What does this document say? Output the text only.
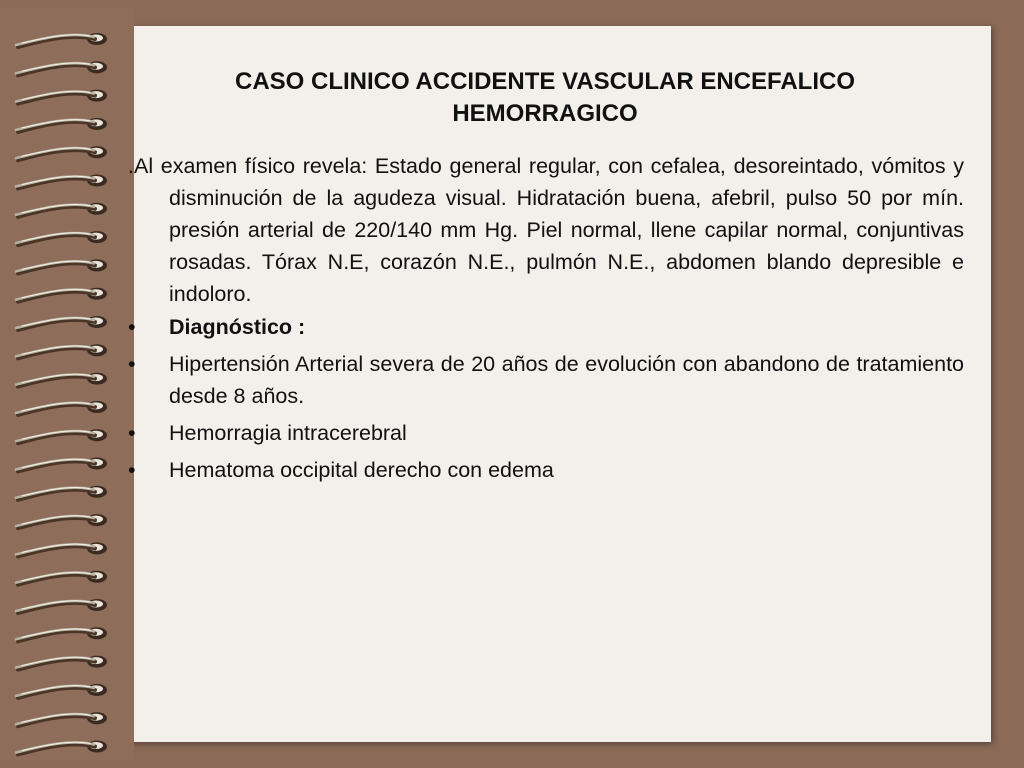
CASO CLINICO ACCIDENTE VASCULAR ENCEFALICO
HEMORRAGICO

.Al examen físico revela: Estado general regular, con cefalea, desoreintado, vómitos y disminución de la agudeza visual. Hidratación buena, afebril, pulso 50 por mín. presión arterial de 220/140 mm Hg. Piel normal, llene capilar normal, conjuntivas rosadas. Tórax N.E, corazón N.E., pulmón N.E., abdomen blando depresible e indoloro.

• Diagnóstico :
• Hipertensión Arterial severa de 20 años de evolución con abandono de tratamiento desde 8 años.
• Hemorragia intracerebral
• Hematoma occipital derecho con edema
